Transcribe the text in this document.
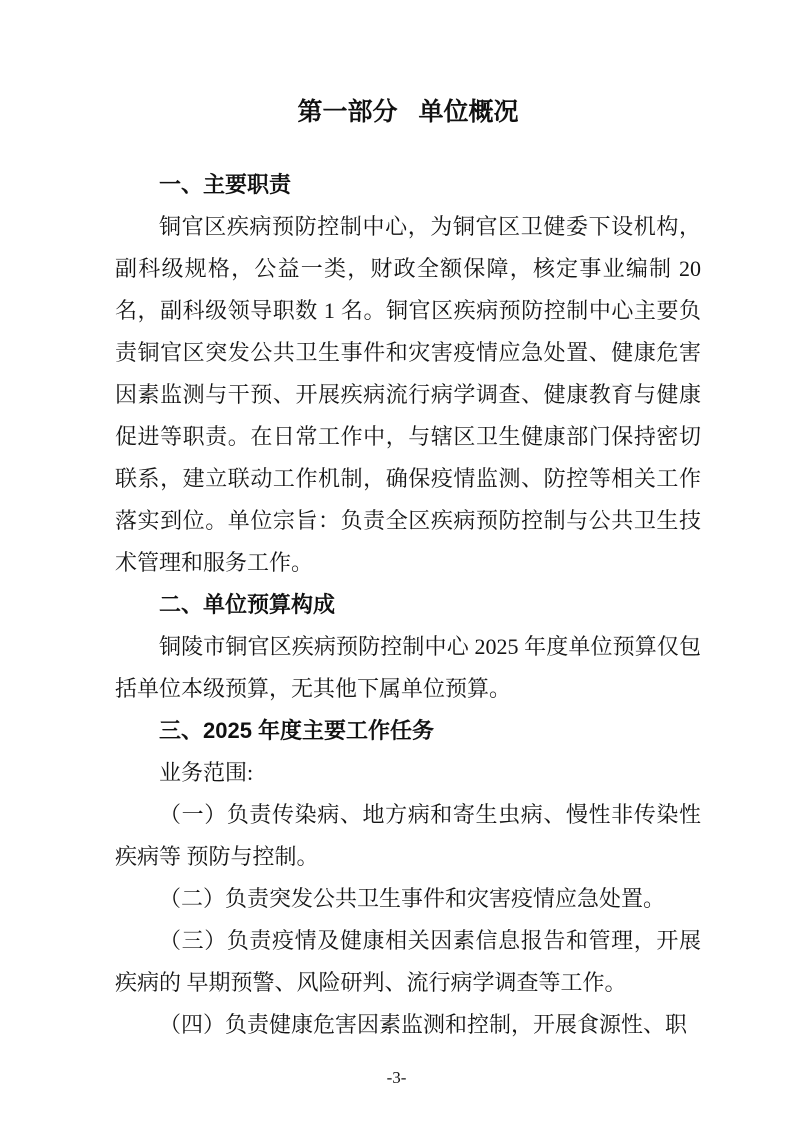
第一部分 单位概况
一、主要职责

铜官区疾病预防控制中心，为铜官区卫健委下设机构，副科级规格，公益一类，财政全额保障，核定事业编制 20 名，副科级领导职数 1 名。铜官区疾病预防控制中心主要负责铜官区突发公共卫生事件和灾害疫情应急处置、健康危害因素监测与干预、开展疾病流行病学调查、健康教育与健康促进等职责。在日常工作中，与辖区卫生健康部门保持密切联系，建立联动工作机制，确保疫情监测、防控等相关工作落实到位。单位宗旨：负责全区疾病预防控制与公共卫生技术管理和服务工作。

二、单位预算构成

铜陵市铜官区疾病预防控制中心 2025 年度单位预算仅包括单位本级预算，无其他下属单位预算。

三、2025 年度主要工作任务

业务范围:

（一）负责传染病、地方病和寄生虫病、慢性非传染性疾病等 预防与控制。

（二）负责突发公共卫生事件和灾害疫情应急处置。

（三）负责疫情及健康相关因素信息报告和管理，开展疾病的 早期预警、风险研判、流行病学调查等工作。

（四）负责健康危害因素监测和控制，开展食源性、职

-3-
